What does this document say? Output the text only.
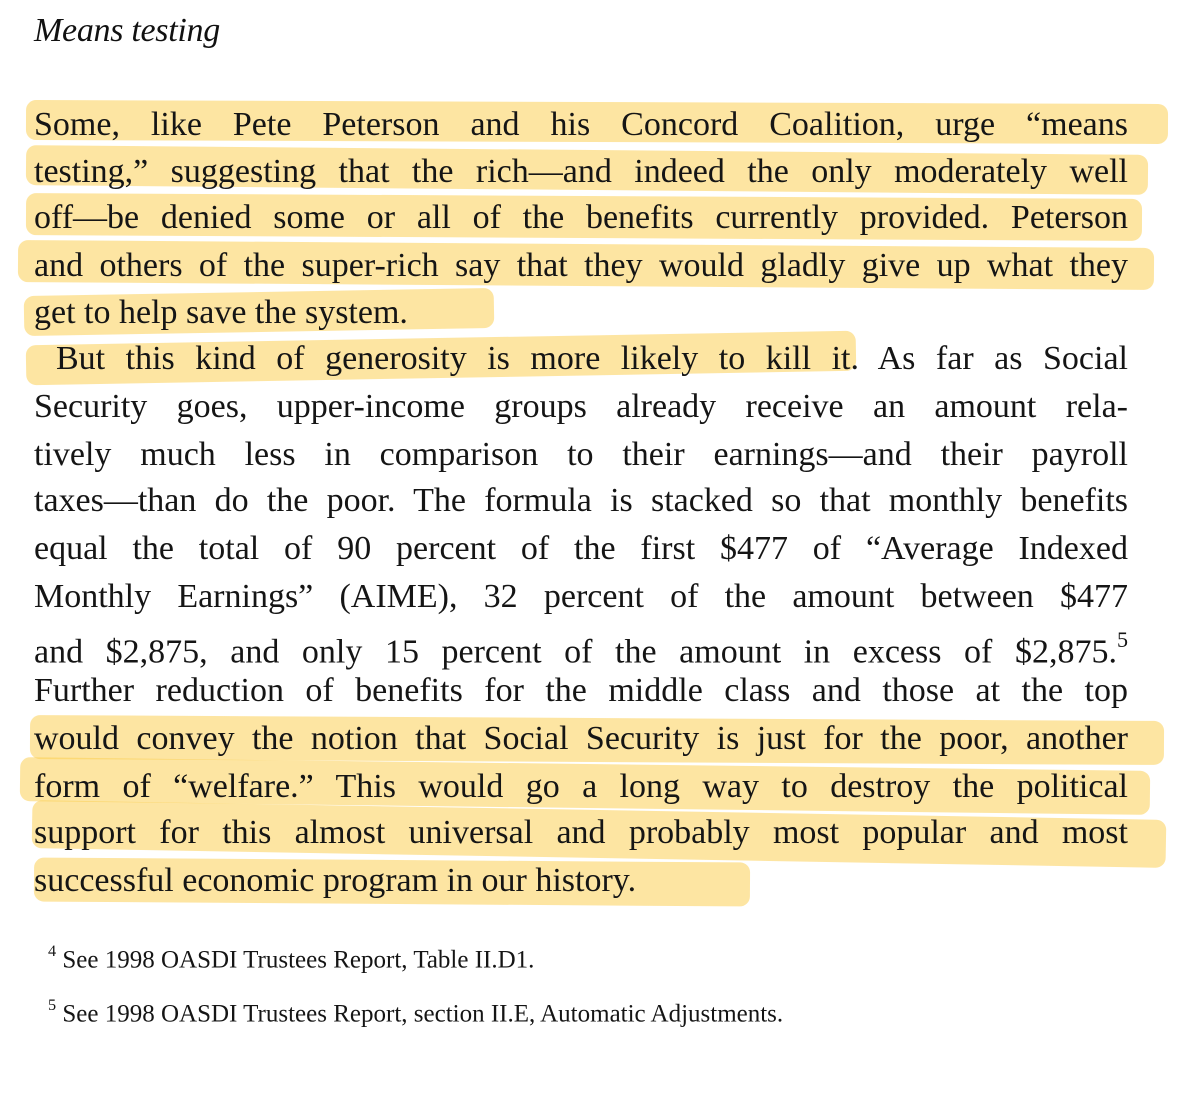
Means testing
Some, like Pete Peterson and his Concord Coalition, urge “means
testing,” suggesting that the rich—and indeed the only moderately well
off—be denied some or all of the benefits currently provided. Peterson
and others of the super-rich say that they would gladly give up what they
get to help save the system.
But this kind of generosity is more likely to kill it. As far as Social
Security goes, upper-income groups already receive an amount rela-
tively much less in comparison to their earnings—and their payroll
taxes—than do the poor. The formula is stacked so that monthly benefits
equal the total of 90 percent of the first $477 of “Average Indexed
Monthly Earnings” (AIME), 32 percent of the amount between $477
and $2,875, and only 15 percent of the amount in excess of $2,875.$^5$
Further reduction of benefits for the middle class and those at the top
would convey the notion that Social Security is just for the poor, another
form of “welfare.” This would go a long way to destroy the political
support for this almost universal and probably most popular and most
successful economic program in our history.
$^4$ See 1998 OASDI Trustees Report, Table II.D1.
$^5$ See 1998 OASDI Trustees Report, section II.E, Automatic Adjustments.
